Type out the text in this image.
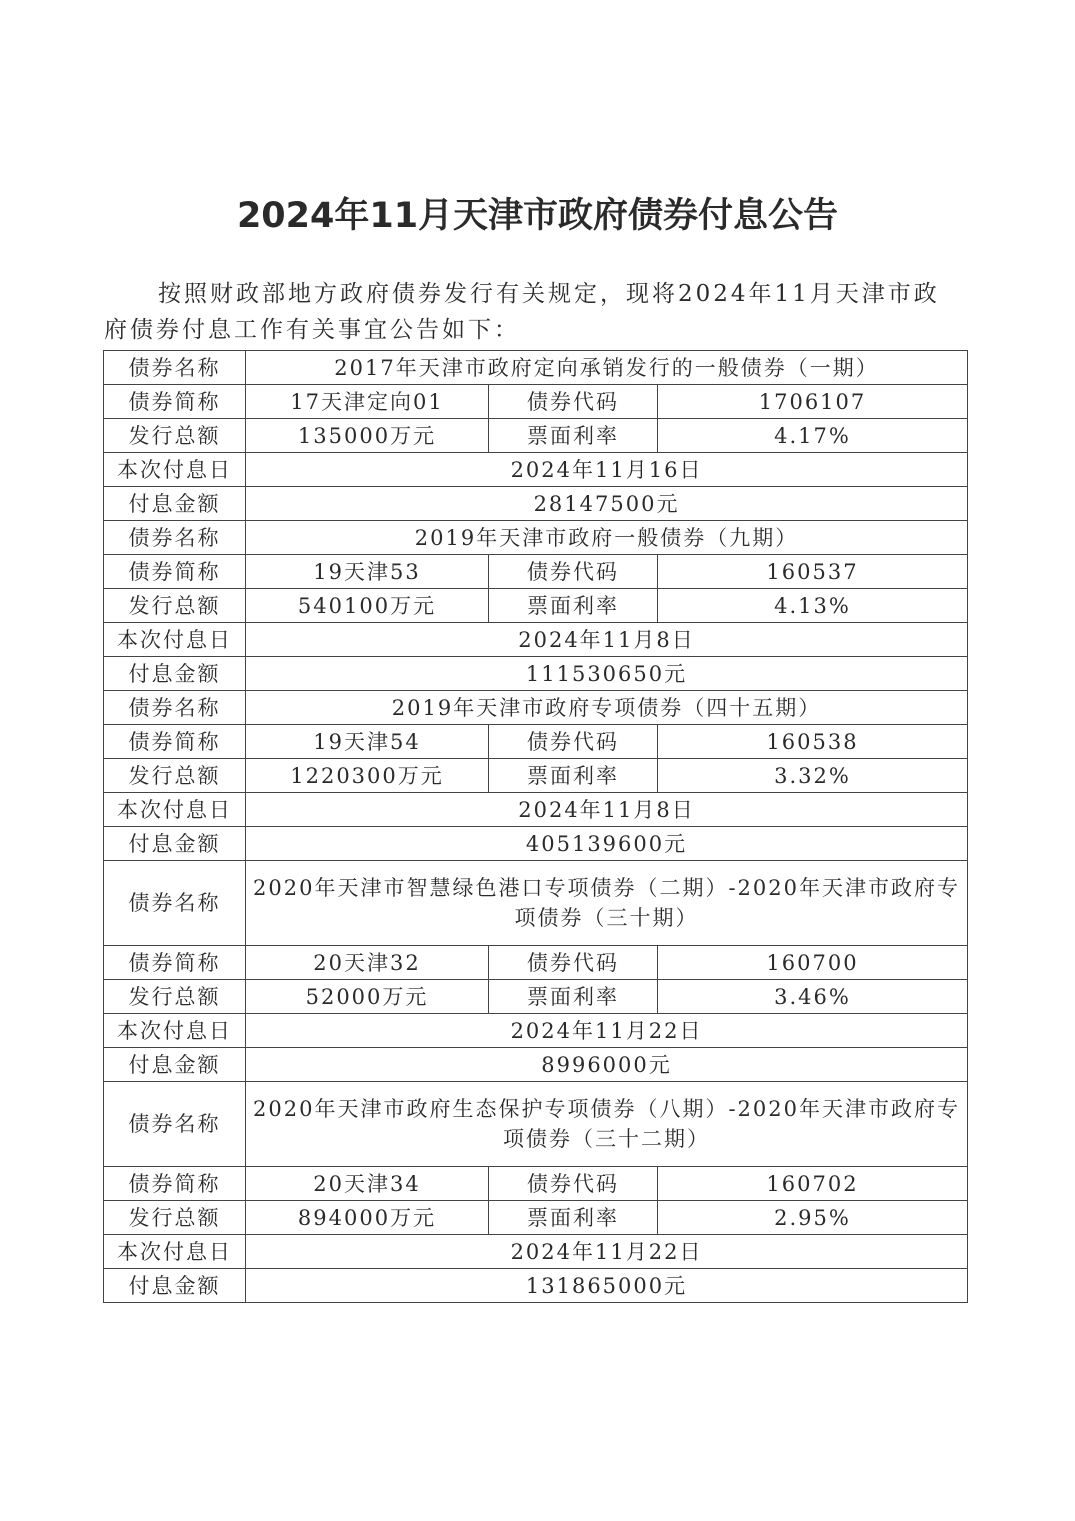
2024年11月天津市政府债券付息公告
按照财政部地方政府债券发行有关规定，现将2024年11月天津市政
府债券付息工作有关事宜公告如下：
债券名称	2017年天津市政府定向承销发行的一般债券（一期）		
债券简称	17天津定向01	债券代码	1706107
发行总额	135000万元	票面利率	4.17%
本次付息日	2024年11月16日		
付息金额	28147500元		
债券名称	2019年天津市政府一般债券（九期）		
债券简称	19天津53	债券代码	160537
发行总额	540100万元	票面利率	4.13%
本次付息日	2024年11月8日		
付息金额	111530650元		
债券名称	2019年天津市政府专项债券（四十五期）		
债券简称	19天津54	债券代码	160538
发行总额	1220300万元	票面利率	3.32%
本次付息日	2024年11月8日		
付息金额	405139600元		
债券名称	2020年天津市智慧绿色港口专项债券（二期）-2020年天津市政府专项债券（三十期）		
债券简称	20天津32	债券代码	160700
发行总额	52000万元	票面利率	3.46%
本次付息日	2024年11月22日		
付息金额	8996000元		
债券名称	2020年天津市政府生态保护专项债券（八期）-2020年天津市政府专项债券（三十二期）		
债券简称	20天津34	债券代码	160702
发行总额	894000万元	票面利率	2.95%
本次付息日	2024年11月22日		
付息金额	131865000元		
